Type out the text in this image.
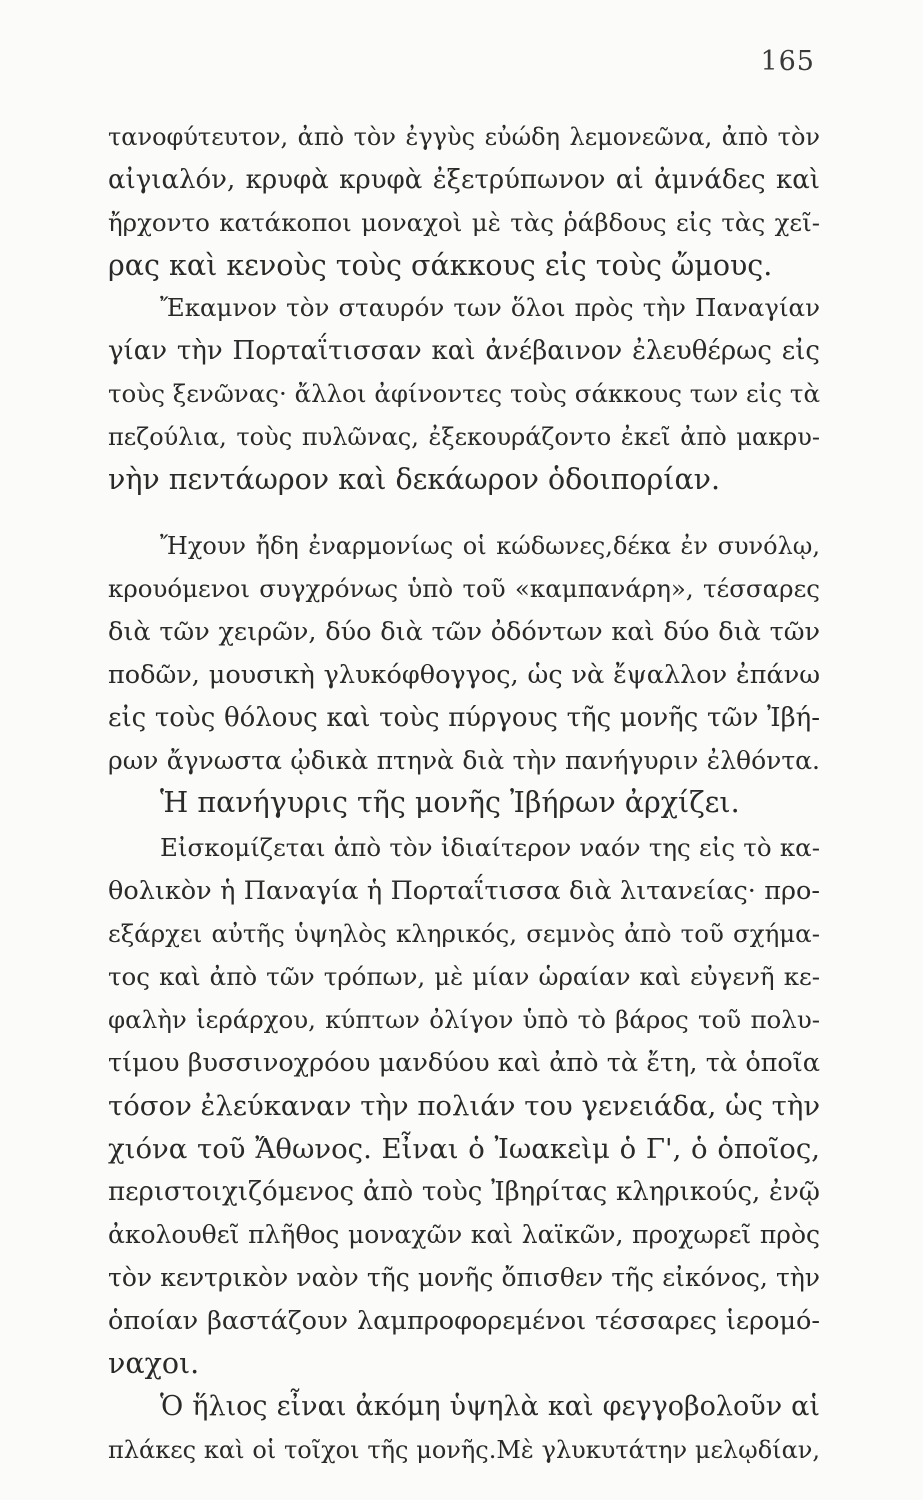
165
τανοφύτευτον, ἀπὸ τὸν ἐγγὺς εὐώδη λεμονεῶνα, ἀπὸ τὸν
αἰγιαλόν, κρυφὰ κρυφὰ ἐξετρύπωνον αἱ ἀμνάδες καὶ
ἤρχοντο κατάκοποι μοναχοὶ μὲ τὰς ῥάβδους εἰς τὰς χεῖ-
ρας καὶ κενοὺς τοὺς σάκκους εἰς τοὺς ὤμους.
Ἔκαμνον τὸν σταυρόν των ὅλοι πρὸς τὴν Παναγίαν
γίαν τὴν Πορταΐτισσαν καὶ ἀνέβαινον ἐλευθέρως εἰς
τοὺς ξενῶνας· ἄλλοι ἀφίνοντες τοὺς σάκκους των εἰς τὰ
πεζούλια, τοὺς πυλῶνας, ἐξεκουράζοντο ἐκεῖ ἀπὸ μακρυ-
νὴν πεντάωρον καὶ δεκάωρον ὁδοιπορίαν.
Ἤχουν ἤδη ἐναρμονίως οἱ κώδωνες,δέκα ἐν συνόλῳ,
κρουόμενοι συγχρόνως ὑπὸ τοῦ «καμπανάρη», τέσσαρες
διὰ τῶν χειρῶν, δύο διὰ τῶν ὀδόντων καὶ δύο διὰ τῶν
ποδῶν, μουσικὴ γλυκόφθογγος, ὡς νὰ ἔψαλλον ἐπάνω
εἰς τοὺς θόλους καὶ τοὺς πύργους τῆς μονῆς τῶν Ἰβή-
ρων ἄγνωστα ᾠδικὰ πτηνὰ διὰ τὴν πανήγυριν ἐλθόντα.
Ἡ πανήγυρις τῆς μονῆς Ἰβήρων ἀρχίζει.
Εἰσκομίζεται ἀπὸ τὸν ἰδιαίτερον ναόν της εἰς τὸ κα-
θολικὸν ἡ Παναγία ἡ Πορταΐτισσα διὰ λιτανείας· προ-
εξάρχει αὐτῆς ὑψηλὸς κληρικός, σεμνὸς ἀπὸ τοῦ σχήμα-
τος καὶ ἀπὸ τῶν τρόπων, μὲ μίαν ὡραίαν καὶ εὐγενῆ κε-
φαλὴν ἱεράρχου, κύπτων ὀλίγον ὑπὸ τὸ βάρος τοῦ πολυ-
τίμου βυσσινοχρόου μανδύου καὶ ἀπὸ τὰ ἔτη, τὰ ὁποῖα
τόσον ἐλεύκαναν τὴν πολιάν του γενειάδα, ὡς τὴν
χιόνα τοῦ Ἄθωνος. Εἶναι ὁ Ἰωακεὶμ ὁ Γ', ὁ ὁποῖος,
περιστοιχιζόμενος ἀπὸ τοὺς Ἰβηρίτας κληρικούς, ἐνῷ
ἀκολουθεῖ πλῆθος μοναχῶν καὶ λαϊκῶν, προχωρεῖ πρὸς
τὸν κεντρικὸν ναὸν τῆς μονῆς ὄπισθεν τῆς εἰκόνος, τὴν
ὁποίαν βαστάζουν λαμπροφορεμένοι τέσσαρες ἱερομό-
ναχοι.
Ὁ ἥλιος εἶναι ἀκόμη ὑψηλὰ καὶ φεγγοβολοῦν αἱ
πλάκες καὶ οἱ τοῖχοι τῆς μονῆς.Μὲ γλυκυτάτην μελῳδίαν,
